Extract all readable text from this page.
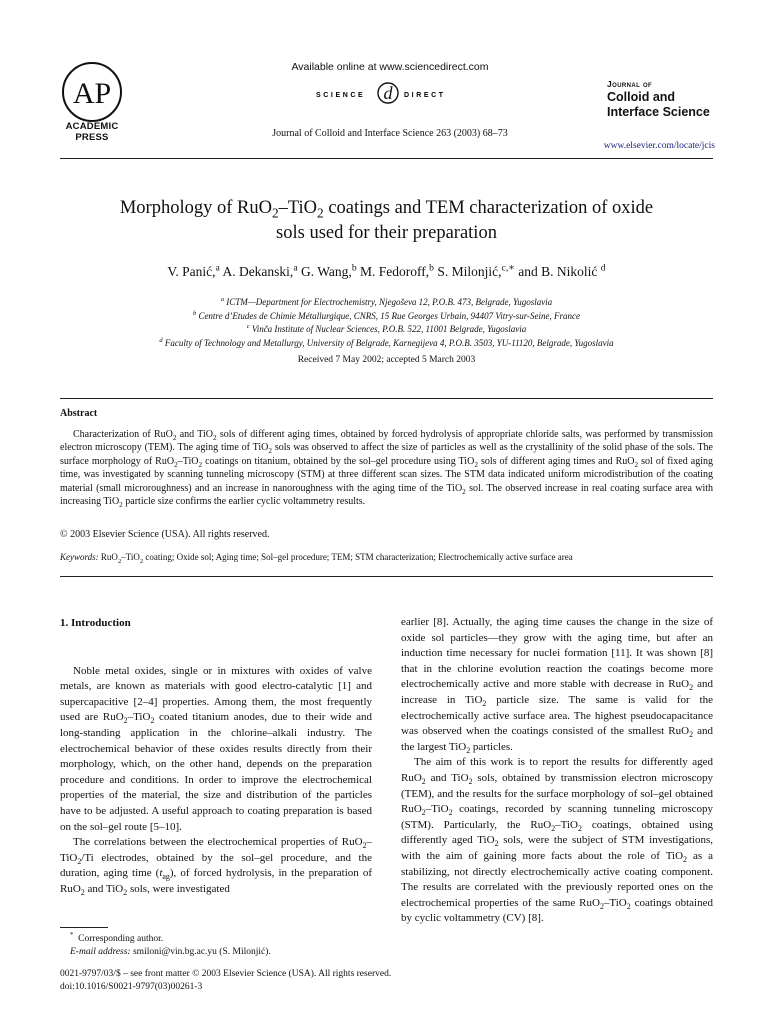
AP
ACADEMIC
PRESS
Available online at www.sciencedirect.com
SCIENCE d DIRECT
Journal of Colloid and Interface Science 263 (2003) 68–73
Journal of
Colloid and
Interface Science
www.elsevier.com/locate/jcis
Morphology of RuO$_2$–TiO$_2$ coatings and TEM characterization of oxide
sols used for their preparation
V. Panić,$^a$ A. Dekanski,$^a$ G. Wang,$^b$ M. Fedoroff,$^b$ S. Milonjić,$^{c,∗}$ and B. Nikolić $^d$
$^a$ ICTM—Department for Electrochemistry, Njegoševa 12, P.O.B. 473, Belgrade, Yugoslavia
$^b$ Centre d’Etudes de Chimie Métallurgique, CNRS, 15 Rue Georges Urbain, 94407 Vitry-sur-Seine, France
$^c$ Vinča Institute of Nuclear Sciences, P.O.B. 522, 11001 Belgrade, Yugoslavia
$^d$ Faculty of Technology and Metallurgy, University of Belgrade, Karnegijeva 4, P.O.B. 3503, YU-11120, Belgrade, Yugoslavia
Received 7 May 2002; accepted 5 March 2003
Abstract

Characterization of RuO$_2$ and TiO$_2$ sols of different aging times, obtained by forced hydrolysis of appropriate chloride salts, was performed by transmission electron microscopy (TEM). The aging time of TiO$_2$ sols was observed to affect the size of particles as well as the crystallinity of the solid phase of the sols. The surface morphology of RuO$_2$–TiO$_2$ coatings on titanium, obtained by the sol–gel procedure using TiO$_2$ sols of different aging times and RuO$_2$ sol of fixed aging time, was investigated by scanning tunneling microscopy (STM) at three different scan sizes. The STM data indicated uniform microdistribution of the coating material (small microroughness) and an increase in nanoroughness with the aging time of the TiO$_2$ sol. The observed increase in real coating surface area with increasing TiO$_2$ particle size confirms the earlier cyclic voltammetry results.

© 2003 Elsevier Science (USA). All rights reserved.
Keywords: RuO$_2$–TiO$_2$ coating; Oxide sol; Aging time; Sol–gel procedure; TEM; STM characterization; Electrochemically active surface area

1. Introduction

Noble metal oxides, single or in mixtures with oxides of valve metals, are known as materials with good electro-catalytic [1] and supercapacitive [2–4] properties. Among them, the most frequently used are RuO$_2$–TiO$_2$ coated titanium anodes, due to their wide and long-standing application in the chlorine–alkali industry. The electrochemical behavior of these oxides results directly from their morphology, which, on the other hand, depends on the preparation procedure and conditions. In order to improve the electrochemical properties of the material, the size and distribution of the particles have to be adjusted. A useful approach to coating preparation is based on the sol–gel route [5–10].

The correlations between the electrochemical properties of RuO$_2$–TiO$_2$/Ti electrodes, obtained by the sol–gel procedure, and the duration, aging time $(t_{ag})$, of forced hydrolysis, in the preparation of RuO$_2$ and TiO$_2$ sols, were investigated

earlier [8]. Actually, the aging time causes the change in the size of oxide sol particles—they grow with the aging time, but after an induction time necessary for nuclei formation [11]. It was shown [8] that in the chlorine evolution reaction the coatings become more electrochemically active and more stable with decrease in RuO$_2$ and increase in TiO$_2$ particle size. The same is valid for the electrochemically active surface area. The highest pseudocapacitance was observed when the coatings consisted of the smallest RuO$_2$ and the largest TiO$_2$ particles.

The aim of this work is to report the results for differently aged RuO$_2$ and TiO$_2$ sols, obtained by transmission electron microscopy (TEM), and the results for the surface morphology of sol–gel obtained RuO$_2$–TiO$_2$ coatings, recorded by scanning tunneling microscopy (STM). Particularly, the RuO$_2$–TiO$_2$ coatings, obtained using differently aged TiO$_2$ sols, were the subject of STM investigations, with the aim of gaining more facts about the role of TiO$_2$ as a stabilizing, not directly electrochemically active coating component. The results are correlated with the previously reported ones on the electrochemical properties of the same RuO$_2$–TiO$_2$ coatings obtained by cyclic voltammetry (CV) [8].

* Corresponding author.
E-mail address: smiloni@vin.bg.ac.yu (S. Milonjić).
0021-9797/03/$ – see front matter © 2003 Elsevier Science (USA). All rights reserved.
doi:10.1016/S0021-9797(03)00261-3
